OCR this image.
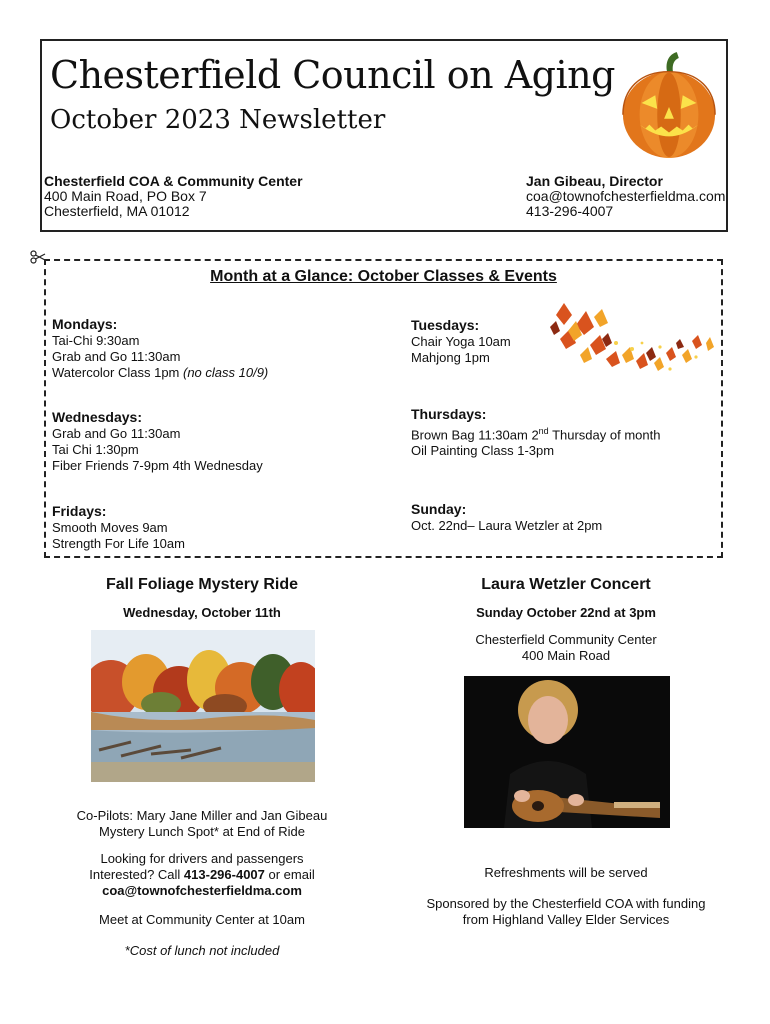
Chesterfield Council on Aging
October 2023 Newsletter
Chesterfield COA & Community Center
400 Main Road, PO Box 7
Chesterfield, MA 01012
Jan Gibeau, Director
coa@townofchesterfieldma.com
413-296-4007
Month at a Glance: October Classes & Events
Mondays:
Tai-Chi 9:30am
Grab and Go 11:30am
Watercolor Class 1pm (no class 10/9)
Tuesdays:
Chair Yoga 10am
Mahjong 1pm
Wednesdays:
Grab and Go 11:30am
Tai Chi 1:30pm
Fiber Friends 7-9pm 4th Wednesday
Thursdays:
Brown Bag 11:30am 2nd Thursday of month
Oil Painting Class 1-3pm
Fridays:
Smooth Moves 9am
Strength For Life 10am
Sunday:
Oct. 22nd– Laura Wetzler at 2pm
Fall Foliage Mystery Ride
Wednesday, October 11th
Co-Pilots: Mary Jane Miller and Jan Gibeau
Mystery Lunch Spot* at End of Ride
Looking for drivers and passengers
Interested? Call 413-296-4007 or email
coa@townofchesterfieldma.com
Meet at Community Center at 10am
*Cost of lunch not included
Laura Wetzler Concert
Sunday October 22nd at 3pm
Chesterfield Community Center
400 Main Road
Refreshments will be served
Sponsored by the Chesterfield COA with funding
from Highland Valley Elder Services
